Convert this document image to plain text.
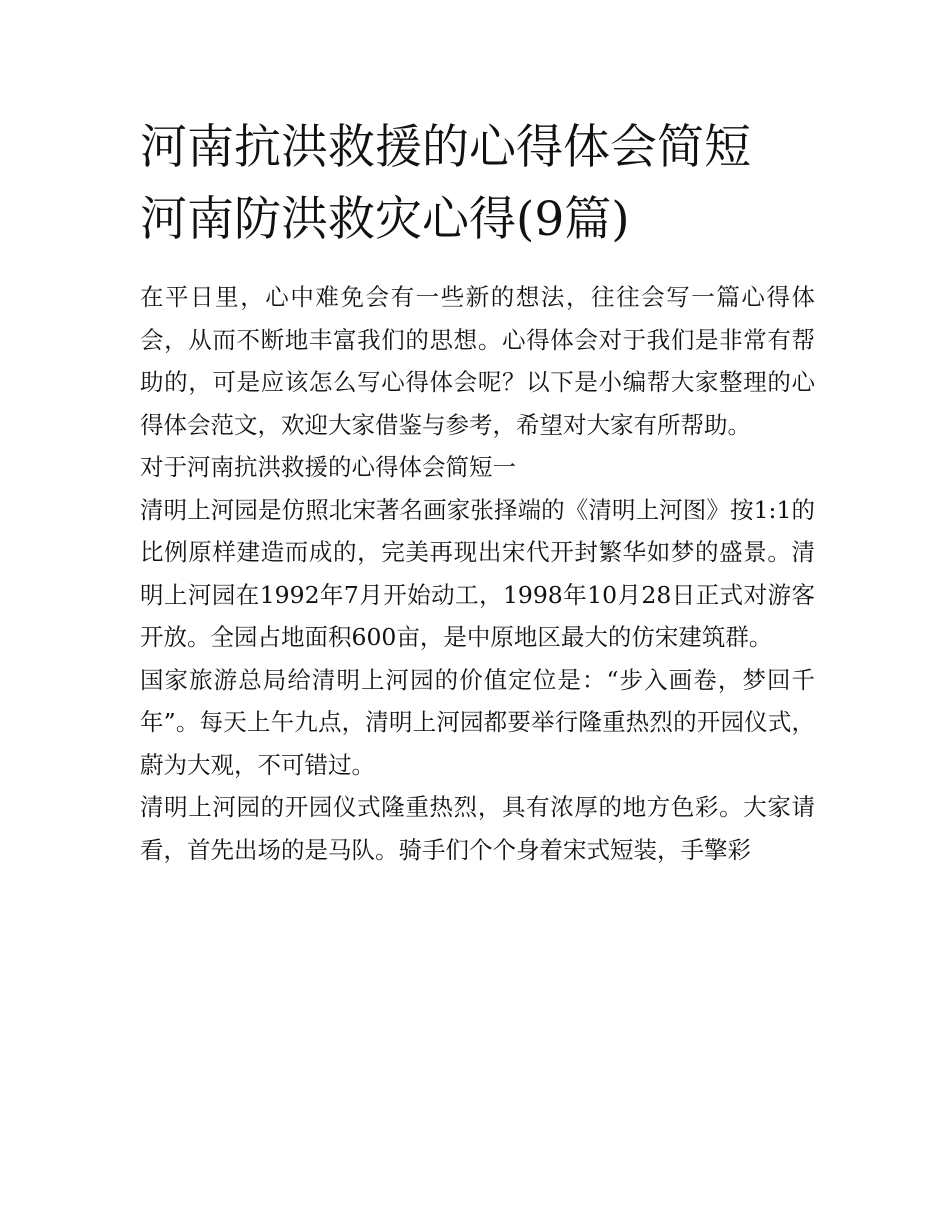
河南抗洪救援的心得体会简短
河南防洪救灾心得(9篇)

在平日里，心中难免会有一些新的想法，往往会写一篇心得体会，从而不断地丰富我们的思想。心得体会对于我们是非常有帮助的，可是应该怎么写心得体会呢？以下是小编帮大家整理的心得体会范文，欢迎大家借鉴与参考，希望对大家有所帮助。

对于河南抗洪救援的心得体会简短一

清明上河园是仿照北宋著名画家张择端的《清明上河图》按1:1的比例原样建造而成的，完美再现出宋代开封繁华如梦的盛景。清明上河园在1992年7月开始动工，1998年10月28日正式对游客开放。全园占地面积600亩，是中原地区最大的仿宋建筑群。

国家旅游总局给清明上河园的价值定位是：“步入画卷，梦回千年”。每天上午九点，清明上河园都要举行隆重热烈的开园仪式，蔚为大观，不可错过。

清明上河园的开园仪式隆重热烈，具有浓厚的地方色彩。大家请看，首先出场的是马队。骑手们个个身着宋式短装，手擎彩
